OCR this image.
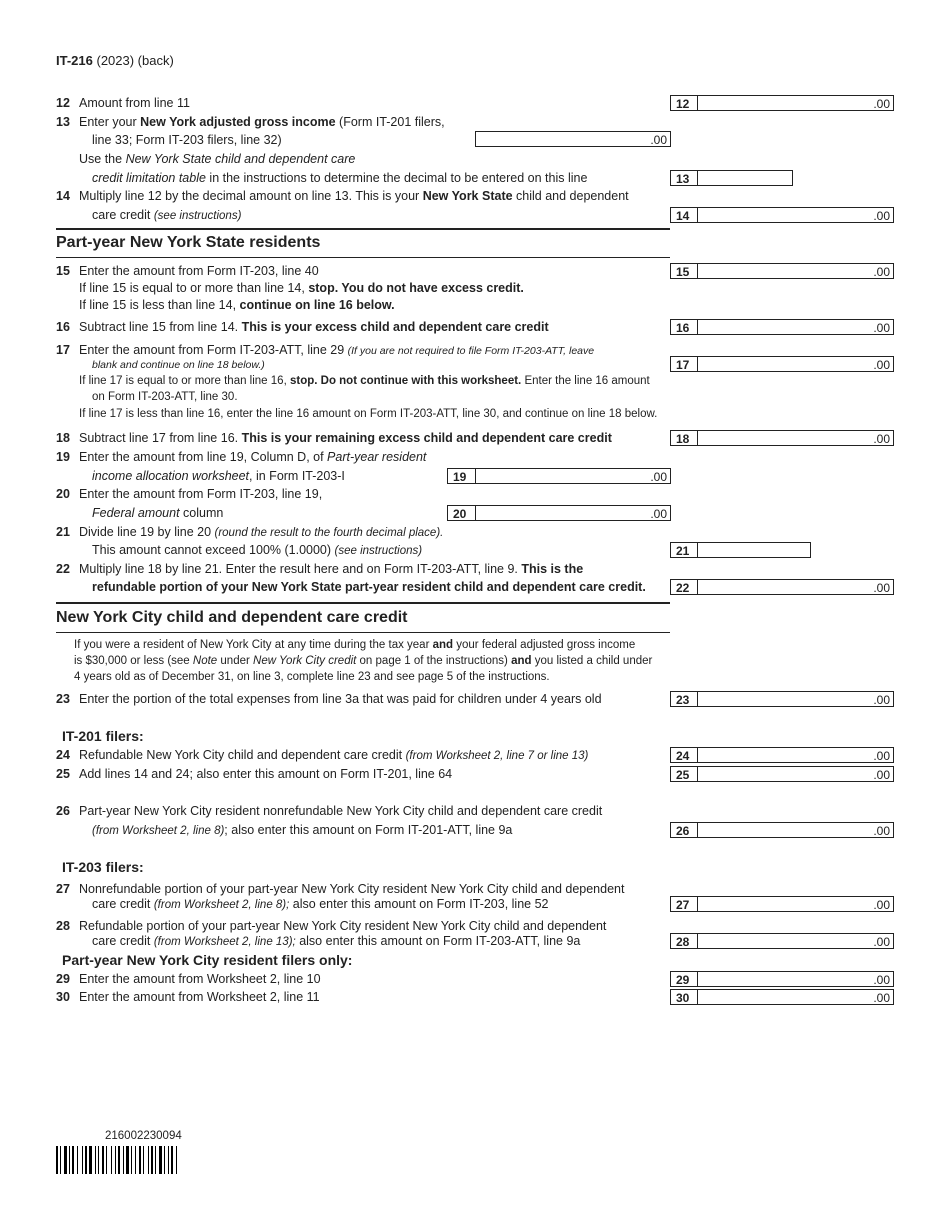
IT-216 (2023) (back)
12 Amount from line 11	12	.00
13 Enter your New York adjusted gross income (Form IT-201 filers,
line 33; Form IT-203 filers, line 32)	.00
Use the New York State child and dependent care
credit limitation table in the instructions to determine the decimal to be entered on this line	13
14 Multiply line 12 by the decimal amount on line 13. This is your New York State child and dependent
care credit (see instructions)	14	.00
Part-year New York State residents
15 Enter the amount from Form IT-203, line 40	15	.00
If line 15 is equal to or more than line 14, stop. You do not have excess credit.
If line 15 is less than line 14, continue on line 16 below.
16 Subtract line 15 from line 14. This is your excess child and dependent care credit	16	.00
17 Enter the amount from Form IT-203-ATT, line 29 (If you are not required to file Form IT-203-ATT, leave
blank and continue on line 18 below.)	17	.00
If line 17 is equal to or more than line 16, stop. Do not continue with this worksheet. Enter the line 16 amount
on Form IT-203-ATT, line 30.
If line 17 is less than line 16, enter the line 16 amount on Form IT-203-ATT, line 30, and continue on line 18 below.
18 Subtract line 17 from line 16. This is your remaining excess child and dependent care credit	18	.00
19 Enter the amount from line 19, Column D, of Part-year resident
income allocation worksheet, in Form IT-203-I	19	.00
20 Enter the amount from Form IT-203, line 19,
Federal amount column	20	.00
21 Divide line 19 by line 20 (round the result to the fourth decimal place).
This amount cannot exceed 100% (1.0000) (see instructions)	21
22 Multiply line 18 by line 21. Enter the result here and on Form IT-203-ATT, line 9. This is the
refundable portion of your New York State part-year resident child and dependent care credit.	22	.00
New York City child and dependent care credit
If you were a resident of New York City at any time during the tax year and your federal adjusted gross income
is $30,000 or less (see Note under New York City credit on page 1 of the instructions) and you listed a child under
4 years old as of December 31, on line 3, complete line 23 and see page 5 of the instructions.
23 Enter the portion of the total expenses from line 3a that was paid for children under 4 years old	23	.00
IT-201 filers:
24 Refundable New York City child and dependent care credit (from Worksheet 2, line 7 or line 13)	24	.00
25 Add lines 14 and 24; also enter this amount on Form IT-201, line 64	25	.00
26 Part-year New York City resident nonrefundable New York City child and dependent care credit
(from Worksheet 2, line 8); also enter this amount on Form IT-201-ATT, line 9a	26	.00
IT-203 filers:
27 Nonrefundable portion of your part-year New York City resident New York City child and dependent
care credit (from Worksheet 2, line 8); also enter this amount on Form IT-203, line 52	27	.00
28 Refundable portion of your part-year New York City resident New York City child and dependent
care credit (from Worksheet 2, line 13); also enter this amount on Form IT-203-ATT, line 9a	28	.00
Part-year New York City resident filers only:
29 Enter the amount from Worksheet 2, line 10	29	.00
30 Enter the amount from Worksheet 2, line 11	30	.00
216002230094
